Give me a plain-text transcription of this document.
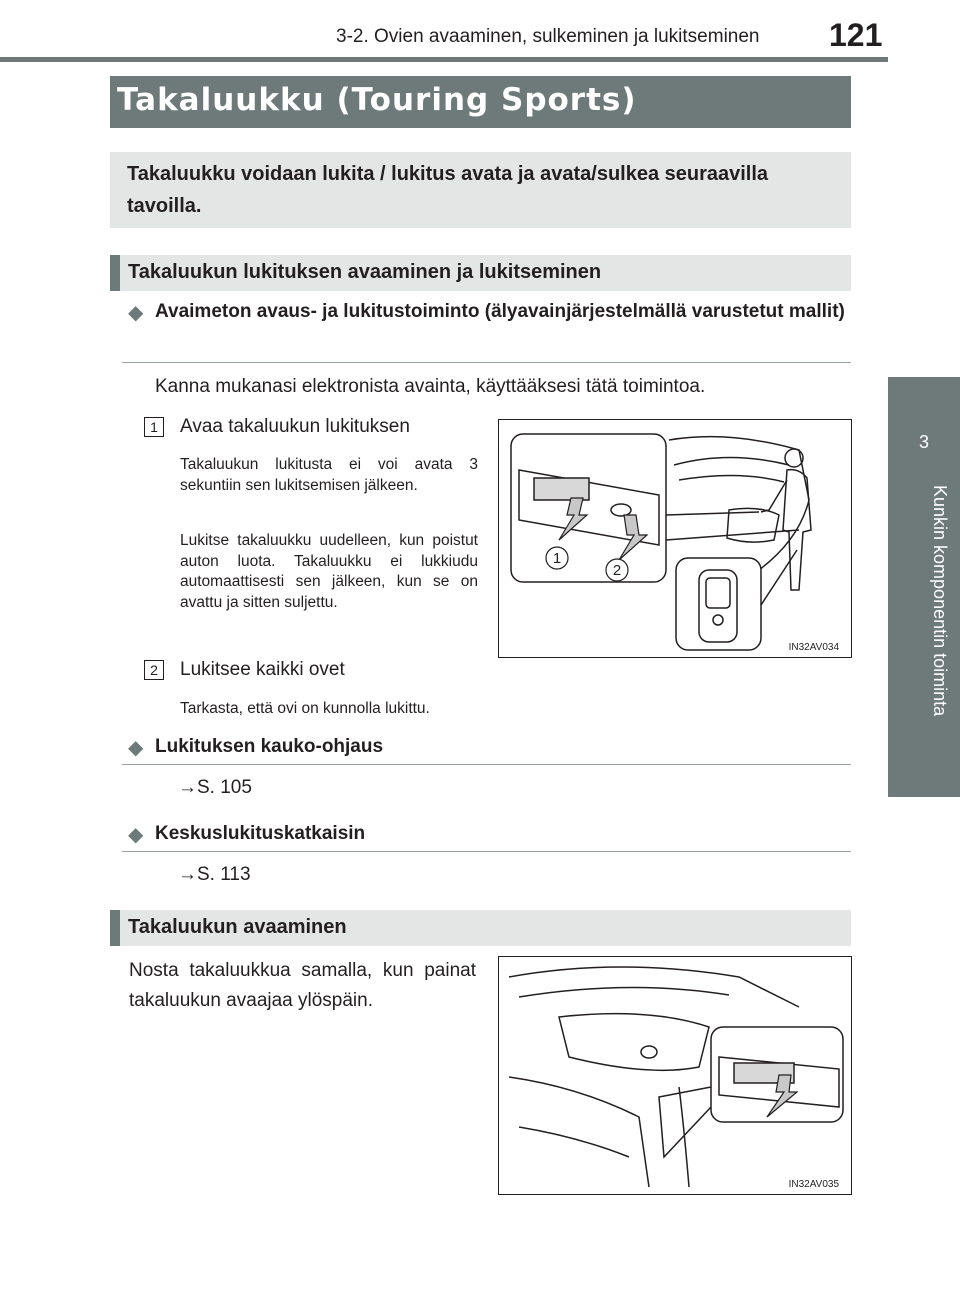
3-2. Ovien avaaminen, sulkeminen ja lukitseminen 121
3
Kunkin komponentin toiminta
Takaluukku (Touring Sports)
Takaluukku voidaan lukita / lukitus avata ja avata/sulkea seuraavilla tavoilla.
Takaluukun lukituksen avaaminen ja lukitseminen
◆ Avaimeton avaus- ja lukitustoiminto (älyavainjärjestelmällä varustetut mallit)
Kanna mukanasi elektronista avainta, käyttääksesi tätä toimintoa.
1	Avaa takaluukun lukituksen
Takaluukun lukitusta ei voi avata 3 sekuntiin sen lukitsemisen jälkeen.
Lukitse takaluukku uudelleen, kun poistut auton luota. Takaluukku ei lukkiudu automaattisesti sen jälkeen, kun se on avattu ja sitten suljettu.
2	Lukitsee kaikki ovet
Tarkasta, että ovi on kunnolla lukittu.
1
2
IN32AV034
◆ Lukituksen kauko-ohjaus
→S. 105
◆ Keskuslukituskatkaisin
→S. 113
Takaluukun avaaminen
Nosta takaluukkua samalla, kun painat takaluukun avaajaa ylöspäin.
IN32AV035
